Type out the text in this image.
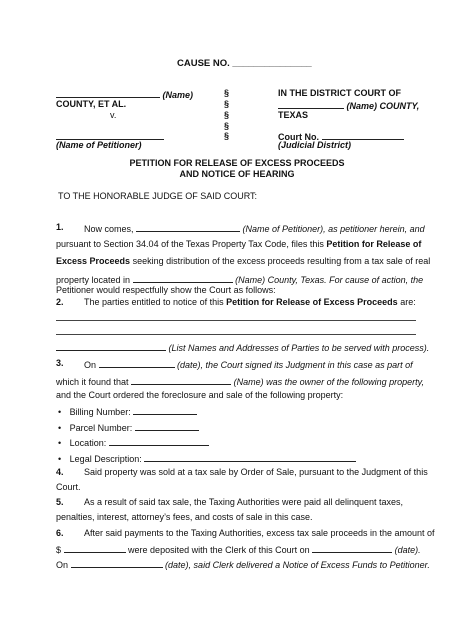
CAUSE NO. _______________
(Name)
COUNTY, ET AL.
v.
(Name of Petitioner)
§
§
§
§
§
IN THE DISTRICT COURT OF
(Name) COUNTY,
TEXAS
Court No.
(Judicial District)
PETITION FOR RELEASE OF EXCESS PROCEEDS
AND NOTICE OF HEARING
TO THE HONORABLE JUDGE OF SAID COURT:
1. Now comes,	(Name of Petitioner), as petitioner herein, and
pursuant to Section 34.04 of the Texas Property Tax Code, files this Petition for Release of
Excess Proceeds seeking distribution of the excess proceeds resulting from a tax sale of real
property located in	(Name) County, Texas. For cause of action, the
Petitioner would respectfully show the Court as follows:
2. The parties entitled to notice of this Petition for Release of Excess Proceeds are:
(List Names and Addresses of Parties to be served with process).
3. On	(date), the Court signed its Judgment in this case as part of
which it found that	(Name) was the owner of the following property,
and the Court ordered the foreclosure and sale of the following property:
• Billing Number:
• Parcel Number:
• Location:
• Legal Description:
4. Said property was sold at a tax sale by Order of Sale, pursuant to the Judgment of this
Court.
5. As a result of said tax sale, the Taxing Authorities were paid all delinquent taxes,
penalties, interest, attorney’s fees, and costs of sale in this case.
6. After said payments to the Taxing Authorities, excess tax sale proceeds in the amount of
$	were deposited with the Clerk of this Court on	(date).
On	(date), said Clerk delivered a Notice of Excess Funds to Petitioner.
